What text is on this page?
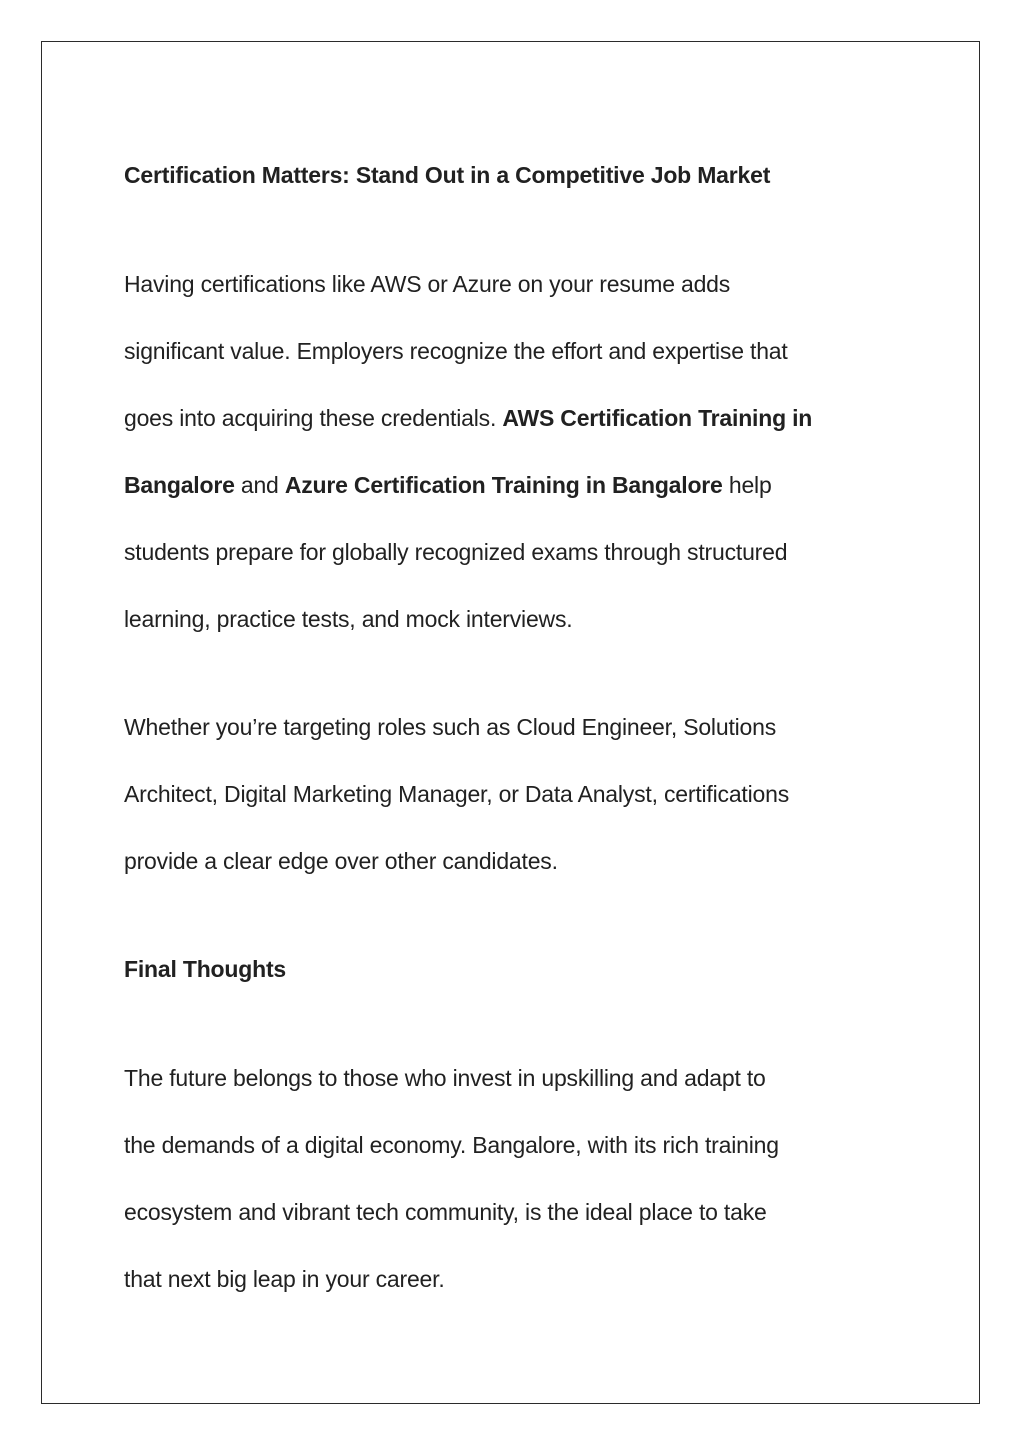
Certification Matters: Stand Out in a Competitive Job Market

Having certifications like AWS or Azure on your resume adds
significant value. Employers recognize the effort and expertise that
goes into acquiring these credentials. AWS Certification Training in
Bangalore and Azure Certification Training in Bangalore help
students prepare for globally recognized exams through structured
learning, practice tests, and mock interviews.

Whether you’re targeting roles such as Cloud Engineer, Solutions
Architect, Digital Marketing Manager, or Data Analyst, certifications
provide a clear edge over other candidates.

Final Thoughts

The future belongs to those who invest in upskilling and adapt to
the demands of a digital economy. Bangalore, with its rich training
ecosystem and vibrant tech community, is the ideal place to take
that next big leap in your career.
